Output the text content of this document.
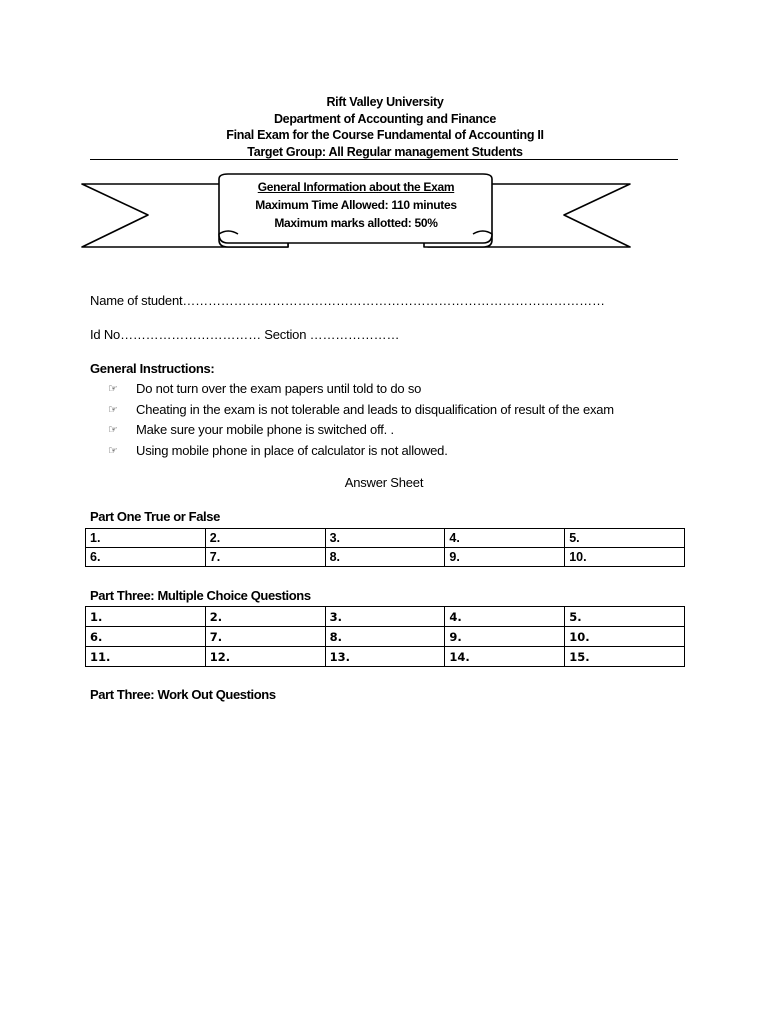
Rift Valley University
Department of Accounting and Finance
Final Exam for the Course Fundamental of Accounting II
Target Group: All Regular management Students
General Information about the Exam
Maximum Time Allowed: 110 minutes
Maximum marks allotted: 50%
Name of student………………………………………………………………………………………
Id No…………………………… Section …………………
General Instructions:
☞	Do not turn over the exam papers until told to do so
☞	Cheating in the exam is not tolerable and leads to disqualification of result of the exam
☞	Make sure your mobile phone is switched off. .
☞	Using mobile phone in place of calculator is not allowed.
Answer Sheet
Part One True or False
1.	2.	3.	4.	5.
6.	7.	8.	9.	10.
Part Three: Multiple Choice Questions
1.	2.	3.	4.	5.
6.	7.	8.	9.	10.
11.	12.	13.	14.	15.
Part Three: Work Out Questions
